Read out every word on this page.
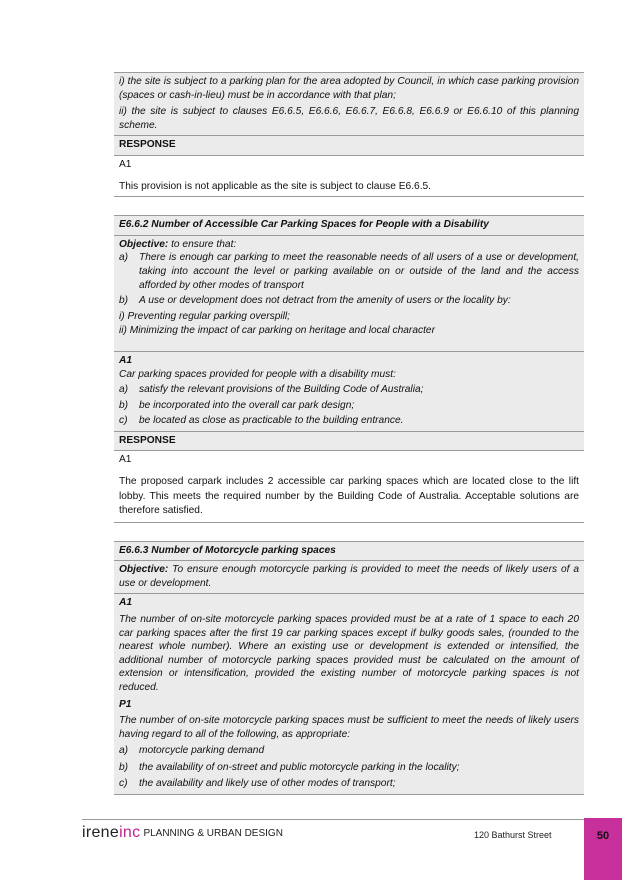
i) the site is subject to a parking plan for the area adopted by Council, in which case parking provision (spaces or cash-in-lieu) must be in accordance with that plan;

ii) the site is subject to clauses E6.6.5, E6.6.6, E6.6.7, E6.6.8, E6.6.9 or E6.6.10 of this planning scheme.

RESPONSE

A1

This provision is not applicable as the site is subject to clause E6.6.5.

E6.6.2 Number of Accessible Car Parking Spaces for People with a Disability

Objective: to ensure that:

a)	There is enough car parking to meet the reasonable needs of all users of a use or development, taking into account the level or parking available on or outside of the land and the access afforded by other modes of transport
b)	A use or development does not detract from the amenity of users or the locality by:

i) Preventing regular parking overspill;

ii) Minimizing the impact of car parking on heritage and local character

A1

Car parking spaces provided for people with a disability must:

a)	satisfy the relevant provisions of the Building Code of Australia;
b)	be incorporated into the overall car park design;
c)	be located as close as practicable to the building entrance.
RESPONSE

A1

The proposed carpark includes 2 accessible car parking spaces which are located close to the lift lobby. This meets the required number by the Building Code of Australia. Acceptable solutions are therefore satisfied.

E6.6.3 Number of Motorcycle parking spaces

Objective: To ensure enough motorcycle parking is provided to meet the needs of likely users of a use or development.

A1

The number of on-site motorcycle parking spaces provided must be at a rate of 1 space to each 20 car parking spaces after the first 19 car parking spaces except if bulky goods sales, (rounded to the nearest whole number). Where an existing use or development is extended or intensified, the additional number of motorcycle parking spaces provided must be calculated on the amount of extension or intensification, provided the existing number of motorcycle parking spaces is not reduced.

P1

The number of on-site motorcycle parking spaces must be sufficient to meet the needs of likely users having regard to all of the following, as appropriate:

a)	motorcycle parking demand
b)	the availability of on-street and public motorcycle parking in the locality;
c)	the availability and likely use of other modes of transport;
ireneinc PLANNING & URBAN DESIGN	120 Bathurst Street	50
